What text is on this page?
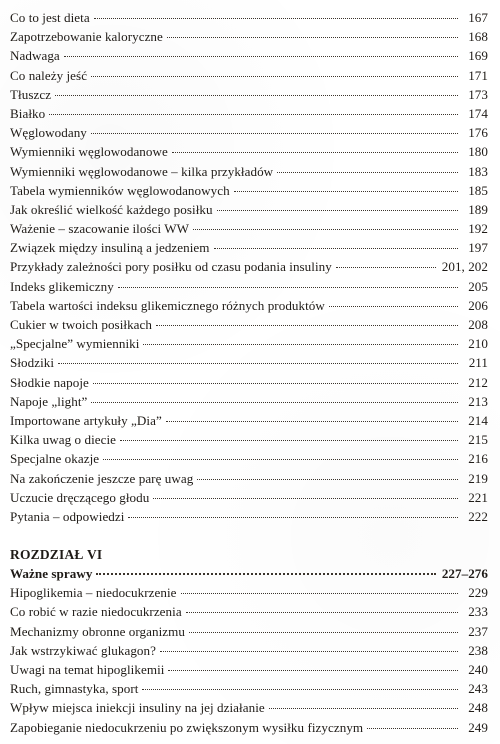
Co to jest dieta	167
Zapotrzebowanie kaloryczne	168
Nadwaga	169
Co należy jeść	171
Tłuszcz	173
Białko	174
Węglowodany	176
Wymienniki węglowodanowe	180
Wymienniki węglowodanowe – kilka przykładów	183
Tabela wymienników węglowodanowych	185
Jak określić wielkość każdego posiłku	189
Ważenie – szacowanie ilości WW	192
Związek między insuliną a jedzeniem	197
Przykłady zależności pory posiłku od czasu podania insuliny	201, 202
Indeks glikemiczny	205
Tabela wartości indeksu glikemicznego różnych produktów	206
Cukier w twoich posiłkach	208
„Specjalne” wymienniki	210
Słodziki	211
Słodkie napoje	212
Napoje „light”	213
Importowane artykuły „Dia”	214
Kilka uwag o diecie	215
Specjalne okazje	216
Na zakończenie jeszcze parę uwag	219
Uczucie dręczącego głodu	221
Pytania – odpowiedzi	222
ROZDZIAŁ VI
Ważne sprawy	227–276
Hipoglikemia – niedocukrzenie	229
Co robić w razie niedocukrzenia	233
Mechanizmy obronne organizmu	237
Jak wstrzykiwać glukagon?	238
Uwagi na temat hipoglikemii	240
Ruch, gimnastyka, sport	243
Wpływ miejsca iniekcji insuliny na jej działanie	248
Zapobieganie niedocukrzeniu po zwiększonym wysiłku fizycznym	249
